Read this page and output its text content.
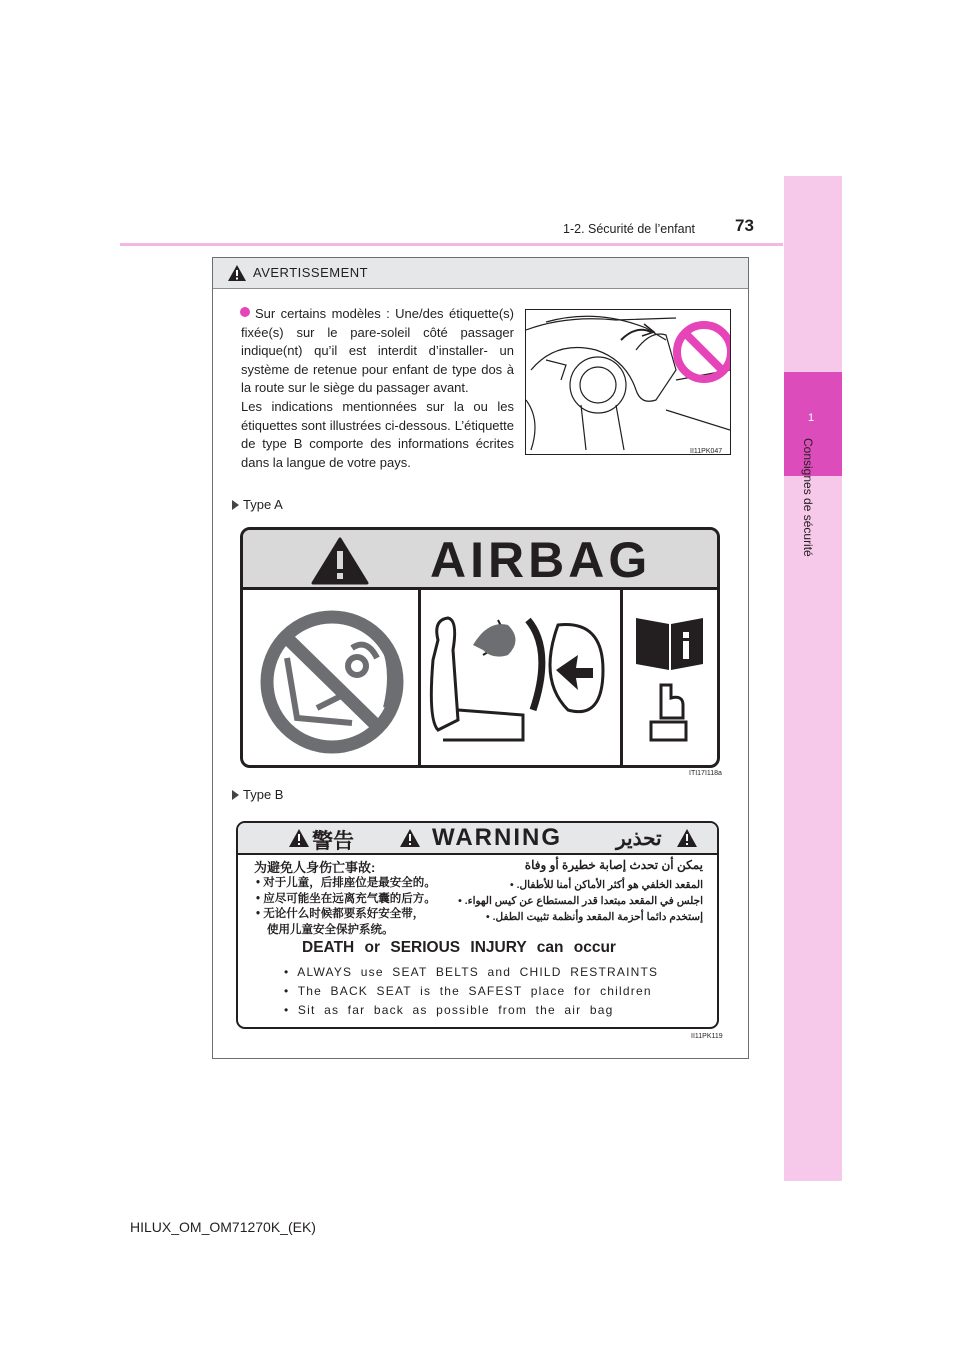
1-2. Sécurité de l’enfant 73
1
Consignes de sécurité
AVERTISSEMENT

Sur certains modèles : Une/des étiquette(s) fixée(s) sur le pare-soleil côté passager indique(nt) qu’il est interdit d’installer- un système de retenue pour enfant de type dos à la route sur le siège du passager avant.

Les indications mentionnées sur la ou les étiquettes sont illustrées ci-dessous. L’étiquette de type B comporte des informations écrites dans la langue de votre pays.

II11PK047
Type A
AIRBAG
ITI17I118a
Type B
警告	WARNING	تحذير
为避免人身伤亡事故:
• 对于儿童，后排座位是最安全的。
• 应尽可能坐在远离充气囊的后方。
• 无论什么时候都要系好安全带，
使用儿童安全保护系统。
يمكن أن تحدث إصابة خطيرة أو وفاة
المقعد الخلفي هو أكثر الأماكن أمنا للأطفال. •
اجلس في المقعد مبتعدا قدر المستطاع عن كيس الهواء. •
إستخدم دائما أحزمة المقعد وأنظمة تثبيت الطفل. •
DEATH or SERIOUS INJURY can occur
• ALWAYS use SEAT BELTS and CHILD RESTRAINTS
• The BACK SEAT is the SAFEST place for children
• Sit as far back as possible from the air bag
II11PK119
HILUX_OM_OM71270K_(EK)
